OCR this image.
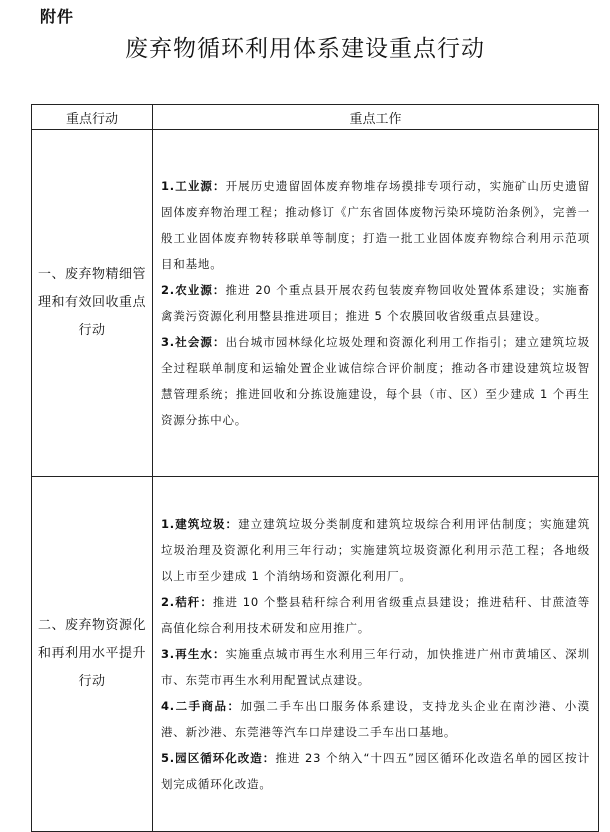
附件
废弃物循环利用体系建设重点行动
重点行动	重点工作
一、废弃物精细管理和有效回收重点行动	1.工业源：开展历史遗留固体废弃物堆存场摸排专项行动，实施矿山历史遗留固体废弃物治理工程；推动修订《广东省固体废物污染环境防治条例》，完善一般工业固体废弃物转移联单等制度；打造一批工业固体废弃物综合利用示范项目和基地。

2.农业源：推进 20 个重点县开展农药包装废弃物回收处置体系建设；实施畜禽粪污资源化利用整县推进项目；推进 5 个农膜回收省级重点县建设。

3.社会源：出台城市园林绿化垃圾处理和资源化利用工作指引；建立建筑垃圾全过程联单制度和运输处置企业诚信综合评价制度；推动各市建设建筑垃圾智慧管理系统；推进回收和分拣设施建设，每个县（市、区）至少建成 1 个再生资源分拣中心。

二、废弃物资源化和再利用水平提升行动	1.建筑垃圾：建立建筑垃圾分类制度和建筑垃圾综合利用评估制度；实施建筑垃圾治理及资源化利用三年行动；实施建筑垃圾资源化利用示范工程；各地级以上市至少建成 1 个消纳场和资源化利用厂。

2.秸秆：推进 10 个整县秸秆综合利用省级重点县建设；推进秸秆、甘蔗渣等高值化综合利用技术研发和应用推广。

3.再生水：实施重点城市再生水利用三年行动，加快推进广州市黄埔区、深圳市、东莞市再生水利用配置试点建设。

4.二手商品：加强二手车出口服务体系建设，支持龙头企业在南沙港、小漠港、新沙港、东莞港等汽车口岸建设二手车出口基地。

5.园区循环化改造：推进 23 个纳入“十四五”园区循环化改造名单的园区按计划完成循环化改造。
